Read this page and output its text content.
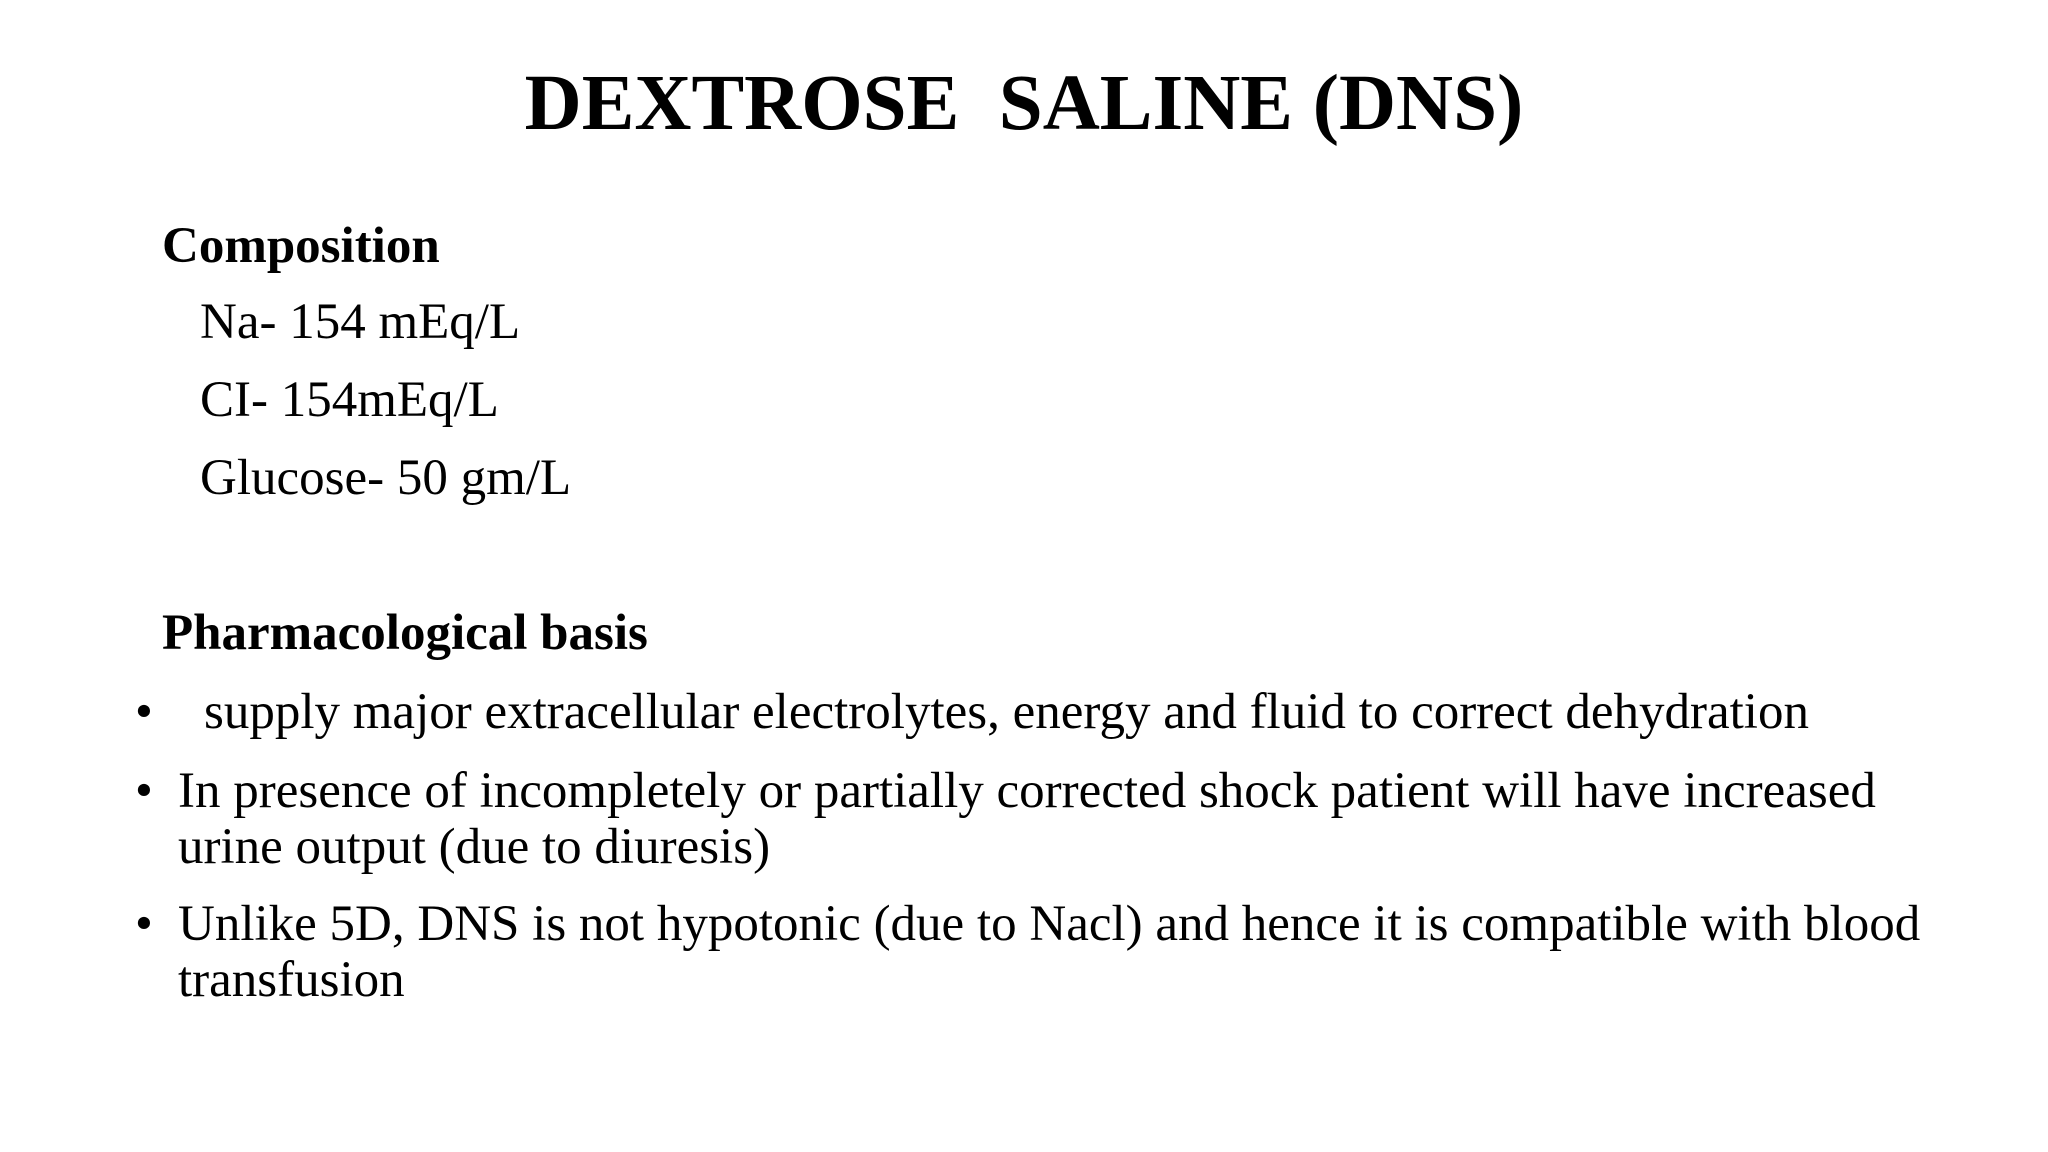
DEXTROSE  SALINE (DNS)
Composition
Na- 154 mEq/L
CI- 154mEq/L
Glucose- 50 gm/L
Pharmacological basis
• supply major extracellular electrolytes, energy and fluid to correct dehydration
• In presence of incompletely or partially corrected shock patient will have increased urine output (due to diuresis)
• Unlike 5D, DNS is not hypotonic (due to Nacl) and hence it is compatible with blood transfusion
